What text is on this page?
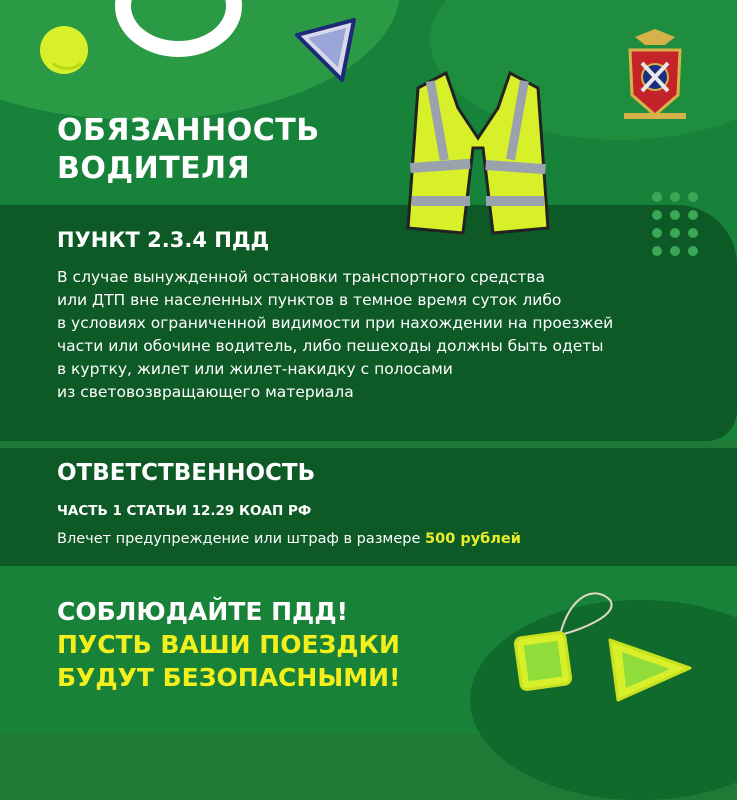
ОБЯЗАННОСТЬ
ВОДИТЕЛЯ
ПУНКТ 2.3.4 ПДД

В случае вынужденной остановки транспортного средства
или ДТП вне населенных пунктов в темное время суток либо
в условиях ограниченной видимости при нахождении на проезжей
части или обочине водитель, либо пешеходы должны быть одеты
в куртку, жилет или жилет-накидку с полосами
из световозвращающего материала

ОТВЕТСТВЕННОСТЬ

ЧАСТЬ 1 СТАТЬИ 12.29 КОАП РФ

Влечет предупреждение или штраф в размере 500 рублей

СОБЛЮДАЙТЕ ПДД!

ПУСТЬ ВАШИ ПОЕЗДКИ

БУДУТ БЕЗОПАСНЫМИ!
